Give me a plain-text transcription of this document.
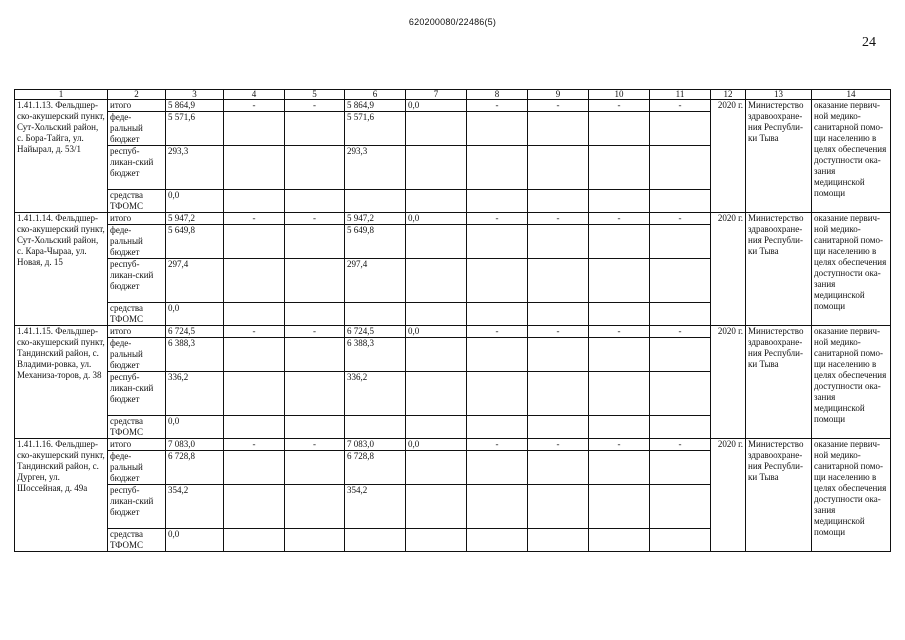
620200080/22486(5)
24
1	2	3	4	5	6	7	8	9	10	11	12	13	14
1.41.1.13. Фельдшер-ско-акушерский пункт, Сут-Хольский район, с. Бора-Тайга, ул. Найырал, д. 53/1	итого	5 864,9	-	-	5 864,9	0,0	-	-	-	-	2020 г.	Министерство здравоохране-ния Республи-ки Тыва	оказание первич-ной медико-санитарной помо-щи населению в целях обеспечения доступности ока-зания медицинской помощи
	феде-ральный бюджет	5 571,6			5 571,6								
	респуб-ликан-ский бюджет	293,3			293,3								
	средства ТФОМС	0,0											
1.41.1.14. Фельдшер-ско-акушерский пункт, Сут-Хольский район, с. Кара-Чыраа, ул. Новая, д. 15	итого	5 947,2	-	-	5 947,2	0,0	-	-	-	-	2020 г.	Министерство здравоохране-ния Республи-ки Тыва	оказание первич-ной медико-санитарной помо-щи населению в целях обеспечения доступности ока-зания медицинской помощи
	феде-ральный бюджет	5 649,8			5 649,8								
	респуб-ликан-ский бюджет	297,4			297,4								
	средства ТФОМС	0,0											
1.41.1.15. Фельдшер-ско-акушерский пункт, Тандинский район, с. Владими-ровка, ул. Механиза-торов, д. 38	итого	6 724,5	-	-	6 724,5	0,0	-	-	-	-	2020 г.	Министерство здравоохране-ния Республи-ки Тыва	оказание первич-ной медико-санитарной помо-щи населению в целях обеспечения доступности ока-зания медицинской помощи
	феде-ральный бюджет	6 388,3			6 388,3								
	респуб-ликан-ский бюджет	336,2			336,2								
	средства ТФОМС	0,0											
1.41.1.16. Фельдшер-ско-акушерский пункт, Тандинский район, с. Дурген, ул. Шоссейная, д. 49а	итого	7 083,0	-	-	7 083,0	0,0	-	-	-	-	2020 г.	Министерство здравоохране-ния Республи-ки Тыва	оказание первич-ной медико-санитарной помо-щи населению в целях обеспечения доступности ока-зания медицинской помощи
	феде-ральный бюджет	6 728,8			6 728,8								
	респуб-ликан-ский бюджет	354,2			354,2								
	средства ТФОМС	0,0											
